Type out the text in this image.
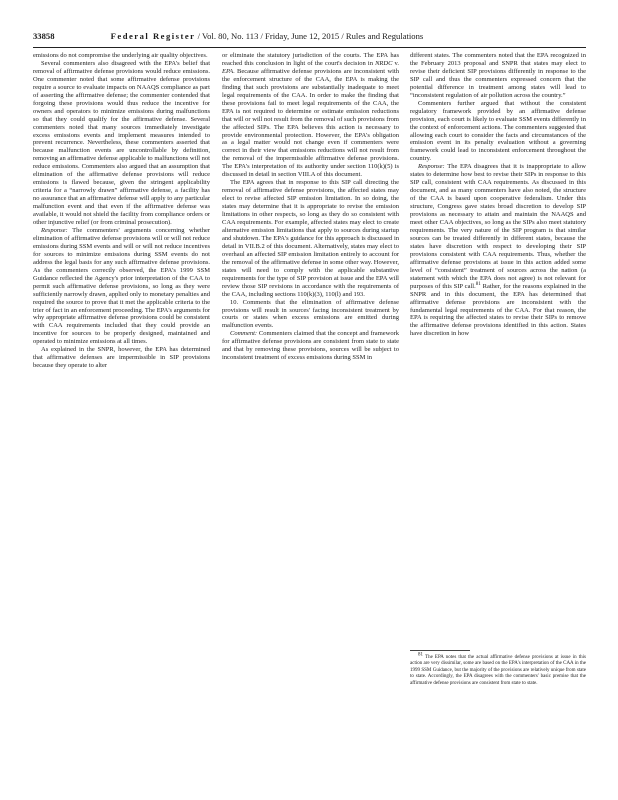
33858	Federal Register / Vol. 80, No. 113 / Friday, June 12, 2015 / Rules and Regulations

emissions do not compromise the underlying air quality objectives.

Several commenters also disagreed with the EPA's belief that removal of affirmative defense provisions would reduce emissions. One commenter noted that some affirmative defense provisions require a source to evaluate impacts on NAAQS compliance as part of asserting the affirmative defense; the commenter contended that forgoing these provisions would thus reduce the incentive for owners and operators to minimize emissions during malfunctions so that they could qualify for the affirmative defense. Several commenters noted that many sources immediately investigate excess emissions events and implement measures intended to prevent recurrence. Nevertheless, these commenters asserted that because malfunction events are uncontrollable by definition, removing an affirmative defense applicable to malfunctions will not reduce emissions. Commenters also argued that an assumption that elimination of the affirmative defense provisions will reduce emissions is flawed because, given the stringent applicability criteria for a “narrowly drawn” affirmative defense, a facility has no assurance that an affirmative defense will apply to any particular malfunction event and that even if the affirmative defense was available, it would not shield the facility from compliance orders or other injunctive relief (or from criminal prosecution).

Response: The commenters' arguments concerning whether elimination of affirmative defense provisions will or will not reduce emissions during SSM events and will or will not reduce incentives for sources to minimize emissions during SSM events do not address the legal basis for any such affirmative defense provisions. As the commenters correctly observed, the EPA's 1999 SSM Guidance reflected the Agency's prior interpretation of the CAA to permit such affirmative defense provisions, so long as they were sufficiently narrowly drawn, applied only to monetary penalties and required the source to prove that it met the applicable criteria to the trier of fact in an enforcement proceeding. The EPA's arguments for why appropriate affirmative defense provisions could be consistent with CAA requirements included that they could provide an incentive for sources to be properly designed, maintained and operated to minimize emissions at all times.

As explained in the SNPR, however, the EPA has determined that affirmative defenses are impermissible in SIP provisions because they operate to alter

or eliminate the statutory jurisdiction of the courts. The EPA has reached this conclusion in light of the court's decision in NRDC v. EPA. Because affirmative defense provisions are inconsistent with the enforcement structure of the CAA, the EPA is making the finding that such provisions are substantially inadequate to meet legal requirements of the CAA. In order to make the finding that these provisions fail to meet legal requirements of the CAA, the EPA is not required to determine or estimate emission reductions that will or will not result from the removal of such provisions from the affected SIPs. The EPA believes this action is necessary to provide environmental protection. However, the EPA's obligation as a legal matter would not change even if commenters were correct in their view that emissions reductions will not result from the removal of the impermissible affirmative defense provisions. The EPA's interpretation of its authority under section 110(k)(5) is discussed in detail in section VIII.A of this document.

The EPA agrees that in response to this SIP call directing the removal of affirmative defense provisions, the affected states may elect to revise affected SIP emission limitation. In so doing, the states may determine that it is appropriate to revise the emission limitations in other respects, so long as they do so consistent with CAA requirements. For example, affected states may elect to create alternative emission limitations that apply to sources during startup and shutdown. The EPA's guidance for this approach is discussed in detail in VII.B.2 of this document. Alternatively, states may elect to overhaul an affected SIP emission limitation entirely to account for the removal of the affirmative defense in some other way. However, states will need to comply with the applicable substantive requirements for the type of SIP provision at issue and the EPA will review those SIP revisions in accordance with the requirements of the CAA, including sections 110(k)(3), 110(l) and 193.

10. Comments that the elimination of affirmative defense provisions will result in sources' facing inconsistent treatment by courts or states when excess emissions are emitted during malfunction events.

Comment: Commenters claimed that the concept and framework for affirmative defense provisions are consistent from state to state and that by removing these provisions, sources will be subject to inconsistent treatment of excess emissions during SSM in

different states. The commenters noted that the EPA recognized in the February 2013 proposal and SNPR that states may elect to revise their deficient SIP provisions differently in response to the SIP call and thus the commenters expressed concern that the potential difference in treatment among states will lead to “inconsistent regulation of air pollution across the country.”

Commenters further argued that without the consistent regulatory framework provided by an affirmative defense provision, each court is likely to evaluate SSM events differently in the context of enforcement actions. The commenters suggested that allowing each court to consider the facts and circumstances of the emission event in its penalty evaluation without a governing framework could lead to inconsistent enforcement throughout the country.

Response: The EPA disagrees that it is inappropriate to allow states to determine how best to revise their SIPs in response to this SIP call, consistent with CAA requirements. As discussed in this document, and as many commenters have also noted, the structure of the CAA is based upon cooperative federalism. Under this structure, Congress gave states broad discretion to develop SIP provisions as necessary to attain and maintain the NAAQS and meet other CAA objectives, so long as the SIPs also meet statutory requirements. The very nature of the SIP program is that similar sources can be treated differently in different states, because the states have discretion with respect to developing their SIP provisions consistent with CAA requirements. Thus, whether the affirmative defense provisions at issue in this action added some level of “consistent” treatment of sources across the nation (a statement with which the EPA does not agree) is not relevant for purposes of this SIP call.$^{81}$ Rather, for the reasons explained in the SNPR and in this document, the EPA has determined that affirmative defense provisions are inconsistent with the fundamental legal requirements of the CAA. For that reason, the EPA is requiring the affected states to revise their SIPs to remove the affirmative defense provisions identified in this action. States have discretion in how

81 The EPA notes that the actual affirmative defense provisions at issue in this action are very dissimilar, some are based on the EPA's interpretation of the CAA in the 1999 SSM Guidance, but the majority of the provisions are relatively unique from state to state. Accordingly, the EPA disagrees with the commenters' basic premise that the affirmative defense provisions are consistent from state to state.
